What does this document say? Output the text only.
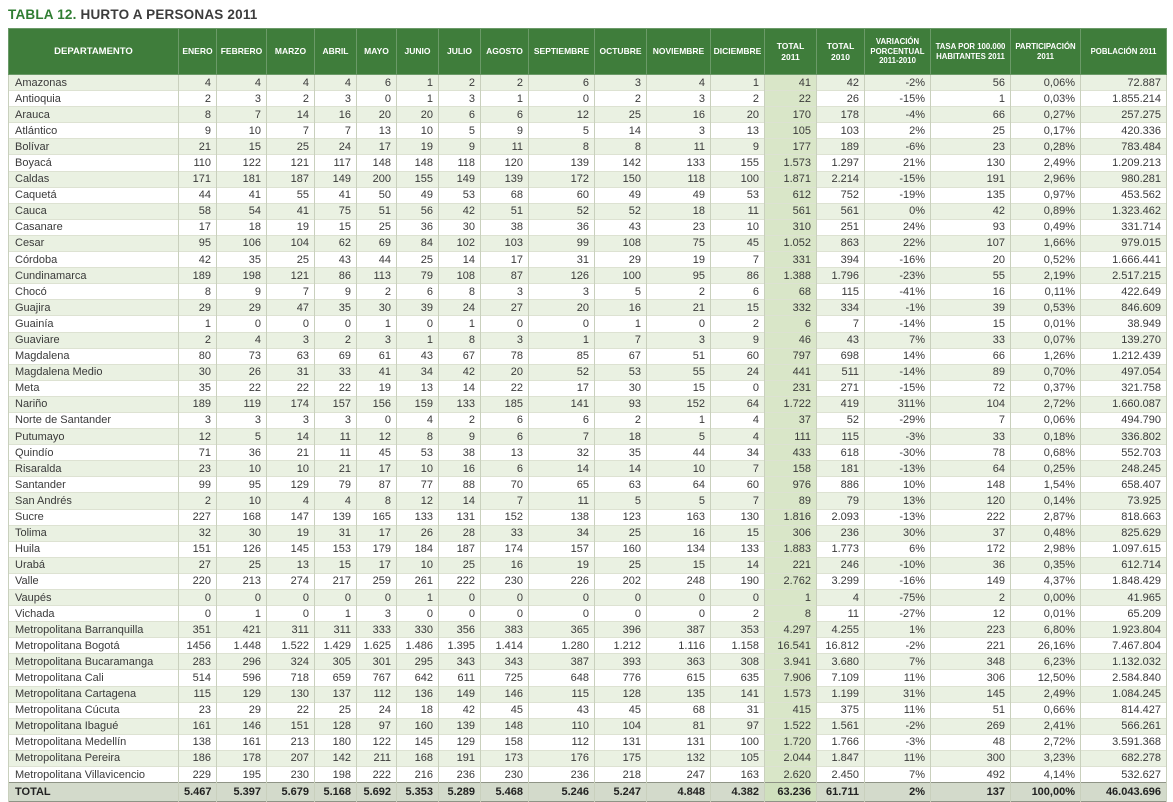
TABLA 12. HURTO A PERSONAS 2011
DEPARTAMENTO	ENERO	FEBRERO	MARZO	ABRIL	MAYO	JUNIO	JULIO	AGOSTO	SEPTIEMBRE	OCTUBRE	NOVIEMBRE	DICIEMBRE	TOTAL 2011	TOTAL 2010	VARIACIÓN PORCENTUAL 2011-2010	TASA POR 100.000 HABITANTES 2011	PARTICIPACIÓN 2011	POBLACIÓN 2011
Amazonas	4	4	4	4	6	1	2	2	6	3	4	1	41	42	-2%	56	0,06%	72.887
Antioquia	2	3	2	3	0	1	3	1	0	2	3	2	22	26	-15%	1	0,03%	1.855.214
Arauca	8	7	14	16	20	20	6	6	12	25	16	20	170	178	-4%	66	0,27%	257.275
Atlántico	9	10	7	7	13	10	5	9	5	14	3	13	105	103	2%	25	0,17%	420.336
Bolívar	21	15	25	24	17	19	9	11	8	8	11	9	177	189	-6%	23	0,28%	783.484
Boyacá	110	122	121	117	148	148	118	120	139	142	133	155	1.573	1.297	21%	130	2,49%	1.209.213
Caldas	171	181	187	149	200	155	149	139	172	150	118	100	1.871	2.214	-15%	191	2,96%	980.281
Caquetá	44	41	55	41	50	49	53	68	60	49	49	53	612	752	-19%	135	0,97%	453.562
Cauca	58	54	41	75	51	56	42	51	52	52	18	11	561	561	0%	42	0,89%	1.323.462
Casanare	17	18	19	15	25	36	30	38	36	43	23	10	310	251	24%	93	0,49%	331.714
Cesar	95	106	104	62	69	84	102	103	99	108	75	45	1.052	863	22%	107	1,66%	979.015
Córdoba	42	35	25	43	44	25	14	17	31	29	19	7	331	394	-16%	20	0,52%	1.666.441
Cundinamarca	189	198	121	86	113	79	108	87	126	100	95	86	1.388	1.796	-23%	55	2,19%	2.517.215
Chocó	8	9	7	9	2	6	8	3	3	5	2	6	68	115	-41%	16	0,11%	422.649
Guajira	29	29	47	35	30	39	24	27	20	16	21	15	332	334	-1%	39	0,53%	846.609
Guainía	1	0	0	0	1	0	1	0	0	1	0	2	6	7	-14%	15	0,01%	38.949
Guaviare	2	4	3	2	3	1	8	3	1	7	3	9	46	43	7%	33	0,07%	139.270
Magdalena	80	73	63	69	61	43	67	78	85	67	51	60	797	698	14%	66	1,26%	1.212.439
Magdalena Medio	30	26	31	33	41	34	42	20	52	53	55	24	441	511	-14%	89	0,70%	497.054
Meta	35	22	22	22	19	13	14	22	17	30	15	0	231	271	-15%	72	0,37%	321.758
Nariño	189	119	174	157	156	159	133	185	141	93	152	64	1.722	419	311%	104	2,72%	1.660.087
Norte de Santander	3	3	3	3	0	4	2	6	6	2	1	4	37	52	-29%	7	0,06%	494.790
Putumayo	12	5	14	11	12	8	9	6	7	18	5	4	111	115	-3%	33	0,18%	336.802
Quindío	71	36	21	11	45	53	38	13	32	35	44	34	433	618	-30%	78	0,68%	552.703
Risaralda	23	10	10	21	17	10	16	6	14	14	10	7	158	181	-13%	64	0,25%	248.245
Santander	99	95	129	79	87	77	88	70	65	63	64	60	976	886	10%	148	1,54%	658.407
San Andrés	2	10	4	4	8	12	14	7	11	5	5	7	89	79	13%	120	0,14%	73.925
Sucre	227	168	147	139	165	133	131	152	138	123	163	130	1.816	2.093	-13%	222	2,87%	818.663
Tolima	32	30	19	31	17	26	28	33	34	25	16	15	306	236	30%	37	0,48%	825.629
Huila	151	126	145	153	179	184	187	174	157	160	134	133	1.883	1.773	6%	172	2,98%	1.097.615
Urabá	27	25	13	15	17	10	25	16	19	25	15	14	221	246	-10%	36	0,35%	612.714
Valle	220	213	274	217	259	261	222	230	226	202	248	190	2.762	3.299	-16%	149	4,37%	1.848.429
Vaupés	0	0	0	0	0	1	0	0	0	0	0	0	1	4	-75%	2	0,00%	41.965
Vichada	0	1	0	1	3	0	0	0	0	0	0	2	8	11	-27%	12	0,01%	65.209
Metropolitana Barranquilla	351	421	311	311	333	330	356	383	365	396	387	353	4.297	4.255	1%	223	6,80%	1.923.804
Metropolitana Bogotá	1456	1.448	1.522	1.429	1.625	1.486	1.395	1.414	1.280	1.212	1.116	1.158	16.541	16.812	-2%	221	26,16%	7.467.804
Metropolitana Bucaramanga	283	296	324	305	301	295	343	343	387	393	363	308	3.941	3.680	7%	348	6,23%	1.132.032
Metropolitana Cali	514	596	718	659	767	642	611	725	648	776	615	635	7.906	7.109	11%	306	12,50%	2.584.840
Metropolitana Cartagena	115	129	130	137	112	136	149	146	115	128	135	141	1.573	1.199	31%	145	2,49%	1.084.245
Metropolitana Cúcuta	23	29	22	25	24	18	42	45	43	45	68	31	415	375	11%	51	0,66%	814.427
Metropolitana Ibagué	161	146	151	128	97	160	139	148	110	104	81	97	1.522	1.561	-2%	269	2,41%	566.261
Metropolitana Medellín	138	161	213	180	122	145	129	158	112	131	131	100	1.720	1.766	-3%	48	2,72%	3.591.368
Metropolitana Pereira	186	178	207	142	211	168	191	173	176	175	132	105	2.044	1.847	11%	300	3,23%	682.278
Metropolitana Villavicencio	229	195	230	198	222	216	236	230	236	218	247	163	2.620	2.450	7%	492	4,14%	532.627
TOTAL	5.467	5.397	5.679	5.168	5.692	5.353	5.289	5.468	5.246	5.247	4.848	4.382	63.236	61.711	2%	137	100,00%	46.043.696
